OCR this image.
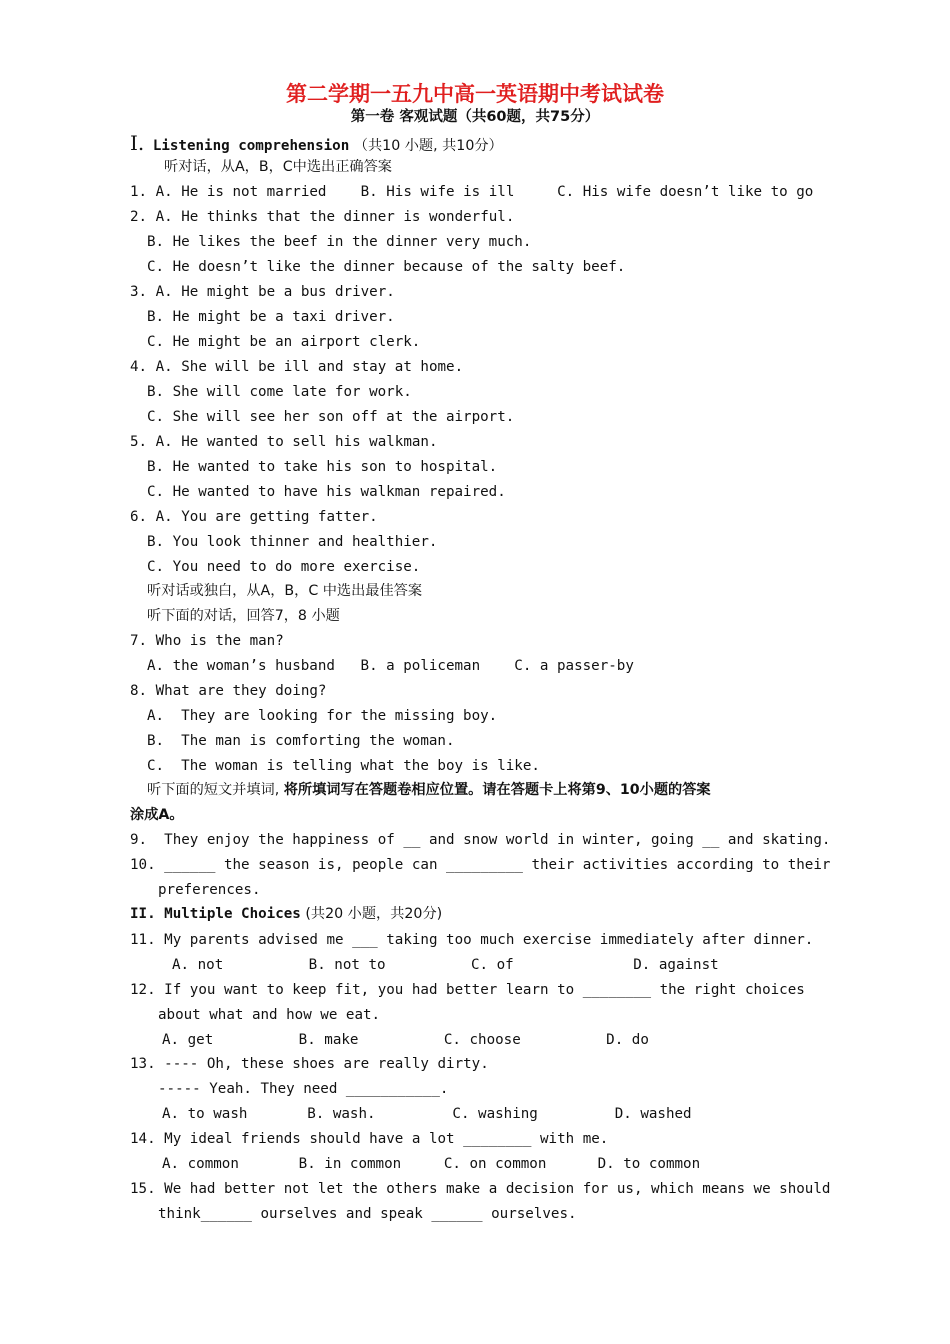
第二学期一五九中高一英语期中考试试卷
第一卷 客观试题（共60题，共75分）
I. Listening comprehension （共10 小题, 共10分）
听对话，从A，B，C中选出正确答案
1. A. He is not married    B. His wife is ill     C. His wife doesn’t like to go
2. A. He thinks that the dinner is wonderful.
B. He likes the beef in the dinner very much.
C. He doesn’t like the dinner because of the salty beef.
3. A. He might be a bus driver.
B. He might be a taxi driver.
C. He might be an airport clerk.
4. A. She will be ill and stay at home.
B. She will come late for work.
C. She will see her son off at the airport.
5. A. He wanted to sell his walkman.
B. He wanted to take his son to hospital.
C. He wanted to have his walkman repaired.
6. A. You are getting fatter.
B. You look thinner and healthier.
C. You need to do more exercise.
听对话或独白，从A，B，C 中选出最佳答案
听下面的对话，回答7，8 小题
7. Who is the man?
A. the woman’s husband   B. a policeman    C. a passer-by
8. What are they doing?
A.  They are looking for the missing boy.
B.  The man is comforting the woman.
C.  The woman is telling what the boy is like.
听下面的短文并填词, 将所填词写在答题卷相应位置。请在答题卡上将第9、10小题的答案
涂成A。
9.  They enjoy the happiness of __ and snow world in winter, going __ and skating.
10. ______ the season is, people can _________ their activities according to their
preferences.
II. Multiple Choices (共20 小题，共20分)
11. My parents advised me ___ taking too much exercise immediately after dinner.
A. not          B. not to          C. of              D. against
12. If you want to keep fit, you had better learn to ________ the right choices
about what and how we eat.
A. get          B. make          C. choose          D. do
13. ---- Oh, these shoes are really dirty.
----- Yeah. They need ___________.
A. to wash       B. wash.         C. washing         D. washed
14. My ideal friends should have a lot ________ with me.
A. common       B. in common     C. on common      D. to common
15. We had better not let the others make a decision for us, which means we should
think______ ourselves and speak ______ ourselves.
